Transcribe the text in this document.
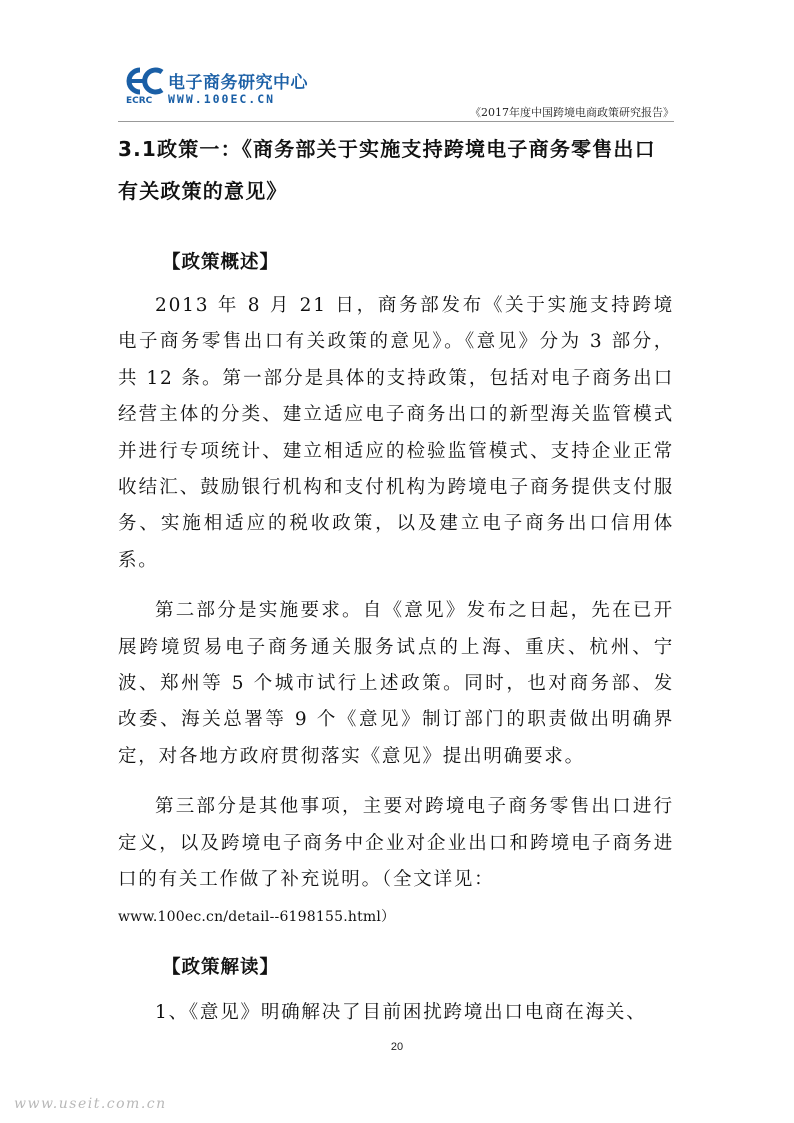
电子商务研究中心
ECRC WWW.100EC.CN
《2017年度中国跨境电商政策研究报告》
3.1政策一：《商务部关于实施支持跨境电子商务零售出口
有关政策的意见》
【政策概述】

2013 年 8 月 21 日，商务部发布《关于实施支持跨境电子商务零售出口有关政策的意见》。《意见》分为 3 部分，共 12 条。第一部分是具体的支持政策，包括对电子商务出口经营主体的分类、建立适应电子商务出口的新型海关监管模式并进行专项统计、建立相适应的检验监管模式、支持企业正常收结汇、鼓励银行机构和支付机构为跨境电子商务提供支付服务、实施相适应的税收政策，以及建立电子商务出口信用体系。

第二部分是实施要求。自《意见》发布之日起，先在已开展跨境贸易电子商务通关服务试点的上海、重庆、杭州、宁波、郑州等 5 个城市试行上述政策。同时，也对商务部、发改委、海关总署等 9 个《意见》制订部门的职责做出明确界定，对各地方政府贯彻落实《意见》提出明确要求。

第三部分是其他事项，主要对跨境电子商务零售出口进行定义，以及跨境电子商务中企业对企业出口和跨境电子商务进口的有关工作做了补充说明。（全文详见：

www.100ec.cn/detail--6198155.html）

【政策解读】

1、《意见》明确解决了目前困扰跨境出口电商在海关、

20
www.useit.com.cn
